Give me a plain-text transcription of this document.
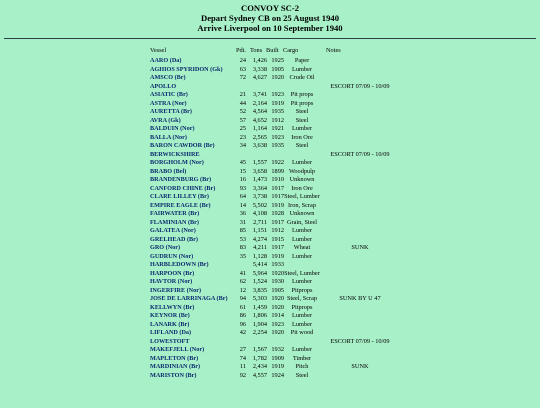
CONVOY SC-2
Depart Sydney CB on 25 August 1940
Arrive Liverpool on 10 September 1940
Vessel	Pdt. Tons Built Cargo	Notes
AARO (Da)	24	1,426 1925	Paper
AGHIOS SPYRIDON (Gk)	63	3,338 1905	Lumber
AMSCO (Br)	72	4,627 1920 Crude Oil
APOLLO	ESCORT 07/09 - 10/09
ASIATIC (Br)	21	3,741 1923	Pit props
ASTRA (Nor)	44	2,164 1919	Pit props
AURETTA (Br)	52	4,564 1935	Steel
AVRA (Gk)	57	4,652 1912	Steel
BALDUIN (Nor)	25	1,164 1921	Lumber
BALLA (Nor)	23	2,565 1923	Iron Ore
BARON CAWDOR (Br)	34	3,638 1935	Steel
BERWICKSHIRE	ESCORT 07/09 - 10/09
BORGHOLM (Nor)	45	1,557 1922	Lumber
BRABO (Bel)	15	3,658 1899 Woodpulp
BRANDENBURG (Br)	16	1,473 1910 Unknown
CANFORD CHINE (Br)	93	3,364 1917	Iron Ore
CLARE LILLEY (Br)	64	3,738 1917 Steel, Lumber
EMPIRE EAGLE (Br)	14	5,502 1919 Iron, Scrap
FAIRWATER (Br)	36	4,108 1928 Unknown
FLAMINIAN (Br)	31	2,711 1917 Grain, Steel
GALATEA (Nor)	85	1,151 1912	Lumber
GRELHEAD (Br)	53	4,274 1915	Lumber
GRO (Nor)	83	4,211 1917	Wheat	SUNK
GUDRUN (Nor)	35	1,128 1919	Lumber
HARBLEDOWN (Br)	5,414 1933
HARPOON (Br)	41	5,964 1920 Steel, Lumber
HAVTOR (Nor)	62	1,524 1930	Lumber
INGERFIRE (Nor)	12	3,835 1905	Pitprops
JOSE DE LARRINAGA (Br)	94	5,303 1920 Steel, Scrap	SUNK BY U 47
KELLWYN (Br)	61	1,459 1920	Pitprops
KEYNOR (Br)	86	1,806 1914	Lumber
LANARK (Br)	96	1,904 1923	Lumber
LIFLAND (Da)	42	2,254 1920	Pit wood
LOWESTOFT	ESCORT 07/09 - 10/09
MAKEFJELL (Nor)	27	1,567 1932	Lumber
MAPLETON (Br)	74	1,782 1909	Timber
MARDINIAN (Br)	11	2,434 1919	Pitch	SUNK
MARISTON (Br)	92	4,557 1924	Steel
